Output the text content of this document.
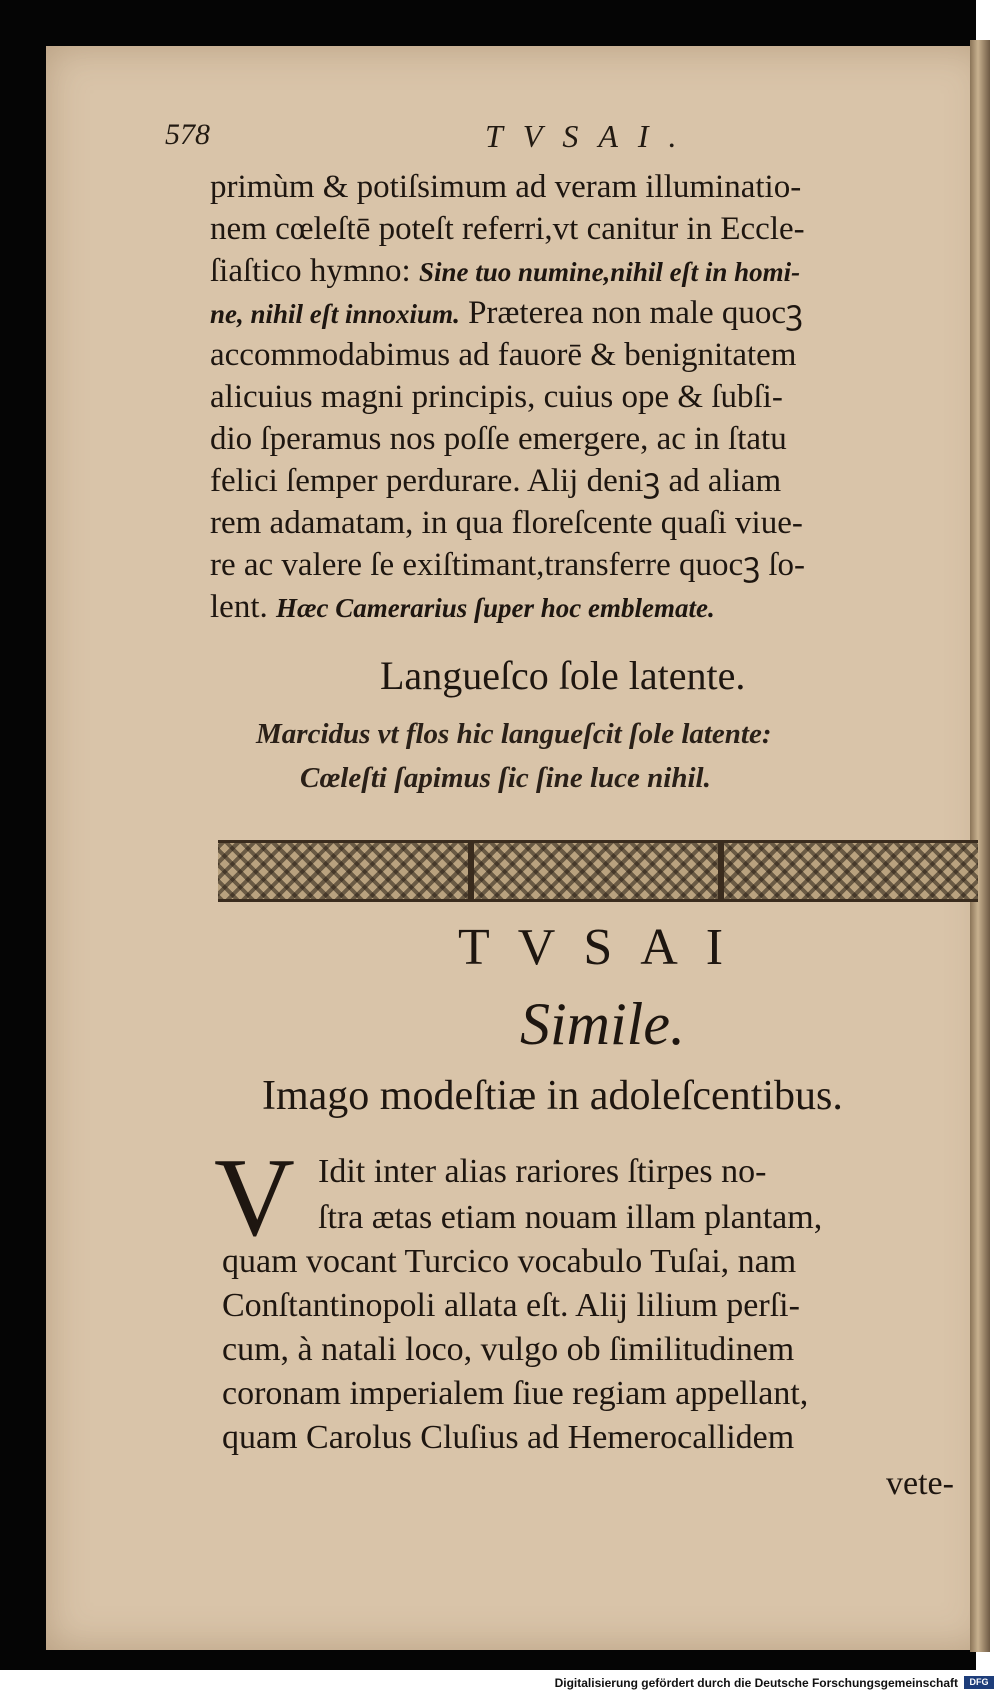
578	TVSAI.
primùm & potiſsimum ad veram illuminatio-
nem cœleſtē poteſt referri,vt canitur in Eccle-
ſiaſtico hymno: Sine tuo numine,nihil eſt in homi-
ne, nihil eſt innoxium. Præterea non male quocꝫ
accommodabimus ad fauorē & benignitatem
alicuius magni principis, cuius ope & ſubſi-
dio ſperamus nos poſſe emergere, ac in ſtatu
felici ſemper perdurare. Alij deniꝫ ad aliam
rem adamatam, in qua floreſcente quaſi viue-
re ac valere ſe exiſtimant,transferre quocꝫ ſo-
lent. Hæc Camerarius ſuper hoc emblemate.
Langueſco ſole latente.
Marcidus vt flos hic langueſcit ſole latente:
Cœleſti ſapimus ſic ſine luce nihil.
TVSAI
Simile.
Imago modeſtiæ in adoleſcentibus.
V Idit inter alias rariores ſtirpes no-
ſtra ætas etiam nouam illam plantam,
quam vocant Turcico vocabulo Tuſai, nam
Conſtantinopoli allata eſt. Alij lilium perſi-
cum, à natali loco, vulgo ob ſimilitudinem
coronam imperialem ſiue regiam appellant,
quam Carolus Cluſius ad Hemerocallidem
vete-
Digitalisierung gefördert durch die Deutsche Forschungsgemeinschaft	DFG
